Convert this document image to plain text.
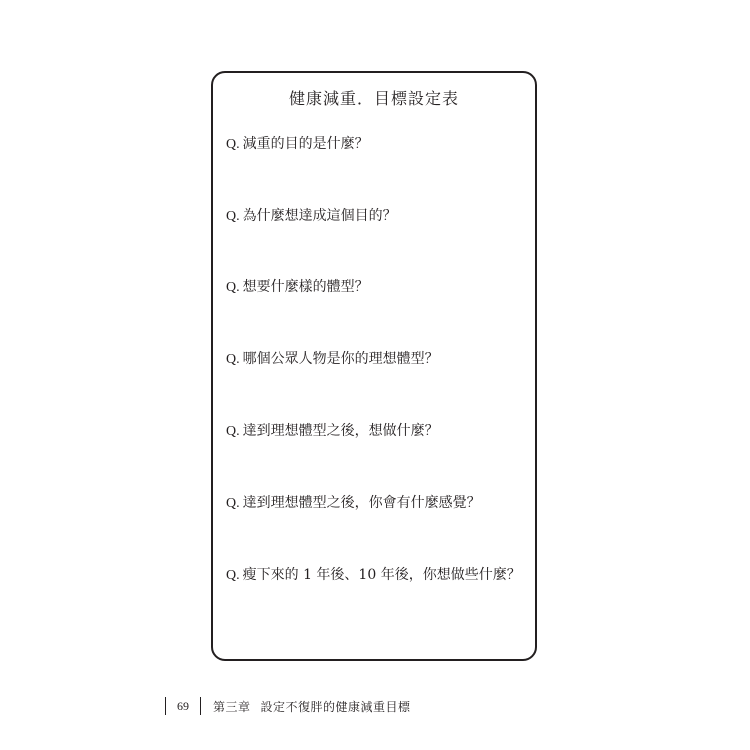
健康減重．目標設定表

Q. 減重的目的是什麼？

Q. 為什麼想達成這個目的？

Q. 想要什麼樣的體型？

Q. 哪個公眾人物是你的理想體型？

Q. 達到理想體型之後，想做什麼？

Q. 達到理想體型之後，你會有什麼感覺？

Q. 瘦下來的 1 年後、10 年後，你想做些什麼？

69	第三章 設定不復胖的健康減重目標
